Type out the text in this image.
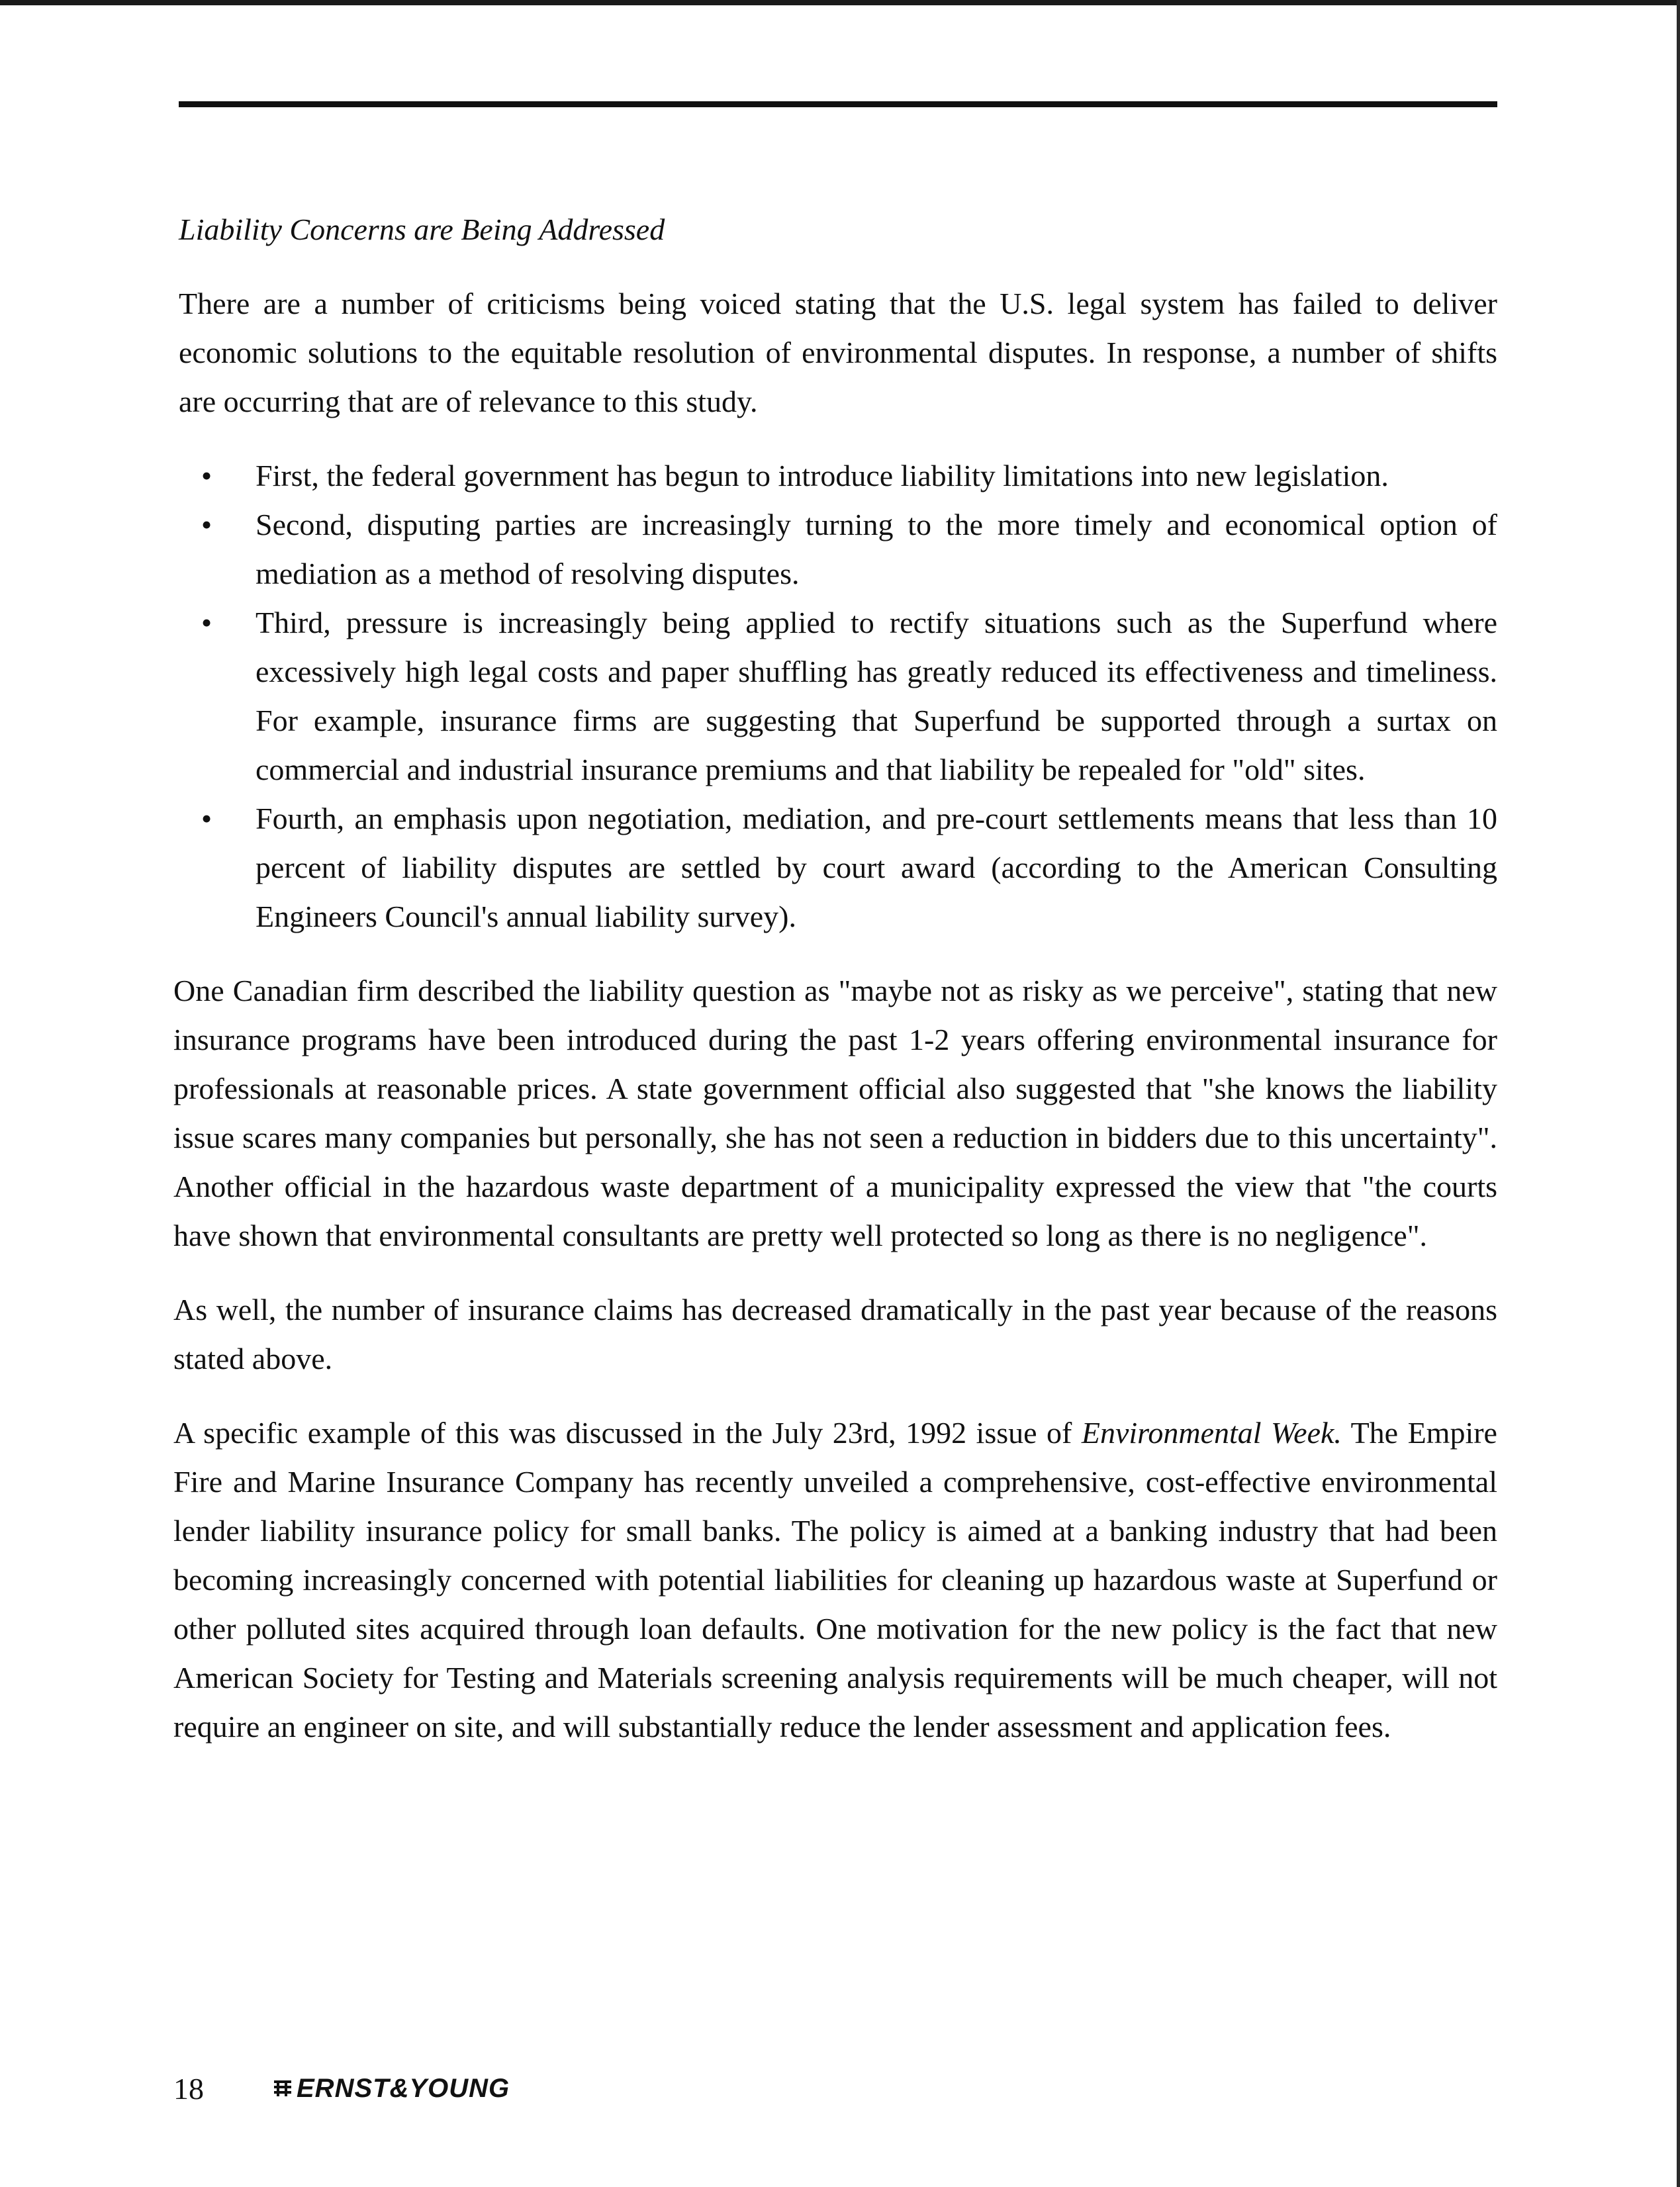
Liability Concerns are Being Addressed

There are a number of criticisms being voiced stating that the U.S. legal system has failed to deliver economic solutions to the equitable resolution of environmental disputes. In response, a number of shifts are occurring that are of relevance to this study.

• First, the federal government has begun to introduce liability limitations into new legislation.
• Second, disputing parties are increasingly turning to the more timely and economical option of mediation as a method of resolving disputes.
• Third, pressure is increasingly being applied to rectify situations such as the Superfund where excessively high legal costs and paper shuffling has greatly reduced its effectiveness and timeliness. For example, insurance firms are suggesting that Superfund be supported through a surtax on commercial and industrial insurance premiums and that liability be repealed for "old" sites.
• Fourth, an emphasis upon negotiation, mediation, and pre-court settlements means that less than 10 percent of liability disputes are settled by court award (according to the American Consulting Engineers Council's annual liability survey).

One Canadian firm described the liability question as "maybe not as risky as we perceive", stating that new insurance programs have been introduced during the past 1-2 years offering environmental insurance for professionals at reasonable prices. A state government official also suggested that "she knows the liability issue scares many companies but personally, she has not seen a reduction in bidders due to this uncertainty". Another official in the hazardous waste department of a municipality expressed the view that "the courts have shown that environmental consultants are pretty well protected so long as there is no negligence".

As well, the number of insurance claims has decreased dramatically in the past year because of the reasons stated above.

A specific example of this was discussed in the July 23rd, 1992 issue of Environmental Week. The Empire Fire and Marine Insurance Company has recently unveiled a comprehensive, cost-effective environmental lender liability insurance policy for small banks. The policy is aimed at a banking industry that had been becoming increasingly concerned with potential liabilities for cleaning up hazardous waste at Superfund or other polluted sites acquired through loan defaults. One motivation for the new policy is the fact that new American Society for Testing and Materials screening analysis requirements will be much cheaper, will not require an engineer on site, and will substantially reduce the lender assessment and application fees.

18	ERNST&YOUNG
